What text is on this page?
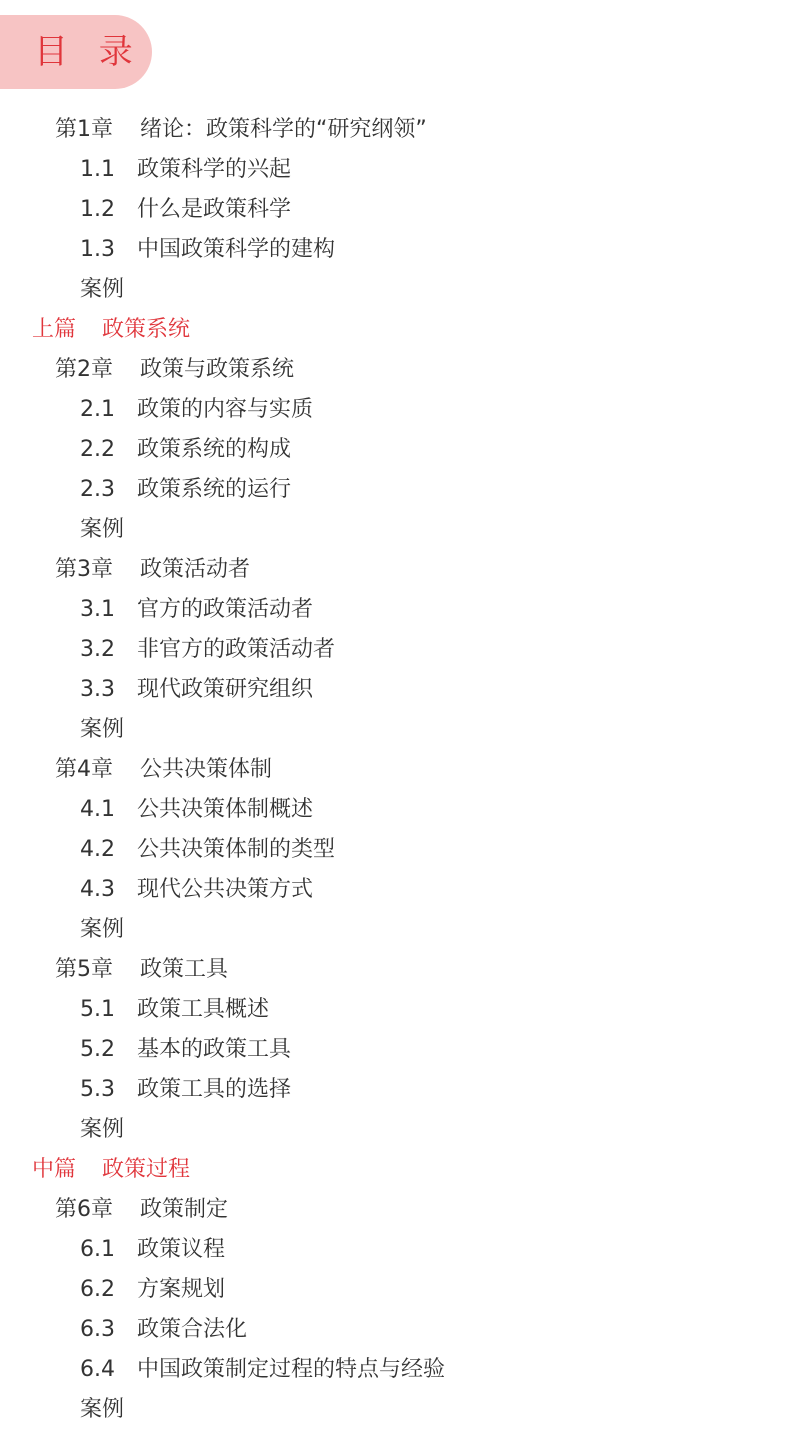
目 录
第1章 绪论：政策科学的“研究纲领”
1.1 政策科学的兴起
1.2 什么是政策科学
1.3 中国政策科学的建构
案例
上篇 政策系统
第2章 政策与政策系统
2.1 政策的内容与实质
2.2 政策系统的构成
2.3 政策系统的运行
案例
第3章 政策活动者
3.1 官方的政策活动者
3.2 非官方的政策活动者
3.3 现代政策研究组织
案例
第4章 公共决策体制
4.1 公共决策体制概述
4.2 公共决策体制的类型
4.3 现代公共决策方式
案例
第5章 政策工具
5.1 政策工具概述
5.2 基本的政策工具
5.3 政策工具的选择
案例
中篇 政策过程
第6章 政策制定
6.1 政策议程
6.2 方案规划
6.3 政策合法化
6.4 中国政策制定过程的特点与经验
案例
